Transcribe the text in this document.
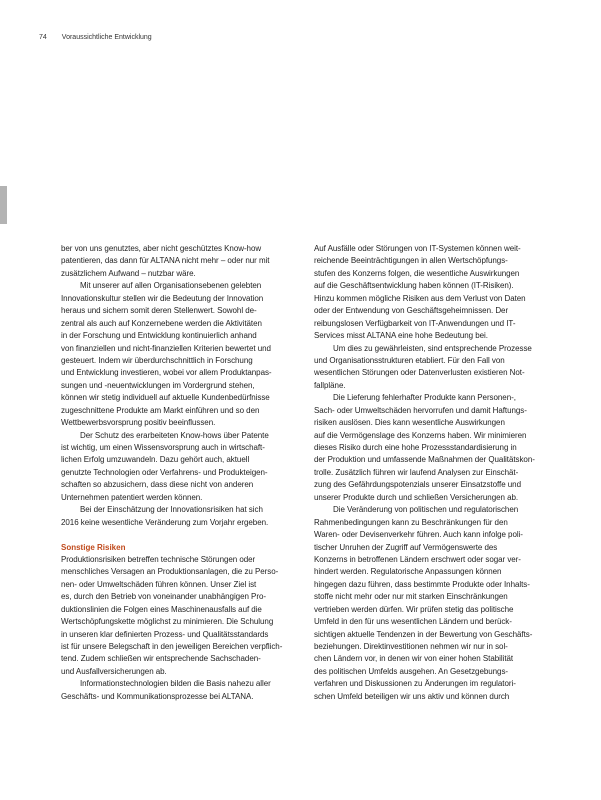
74 Voraussichtliche Entwicklung
ber von uns genutztes, aber nicht geschütztes Know-how
patentieren, das dann für ALTANA nicht mehr – oder nur mit
zusätzlichem Aufwand – nutzbar wäre.
Mit unserer auf allen Organisationsebenen gelebten
Innovationskultur stellen wir die Bedeutung der Innovation
heraus und sichern somit deren Stellenwert. Sowohl de-
zentral als auch auf Konzernebene werden die Aktivitäten
in der Forschung und Entwicklung kontinuierlich anhand
von finanziellen und nicht-finanziellen Kriterien bewertet und
gesteuert. Indem wir überdurchschnittlich in Forschung
und Entwicklung investieren, wobei vor allem Produktanpas-
sungen und -neuentwicklungen im Vordergrund stehen,
können wir stetig individuell auf aktuelle Kundenbedürfnisse
zugeschnittene Produkte am Markt einführen und so den
Wettbewerbsvorsprung positiv beeinflussen.
Der Schutz des erarbeiteten Know-hows über Patente
ist wichtig, um einen Wissensvorsprung auch in wirtschaft-
lichen Erfolg umzuwandeln. Dazu gehört auch, aktuell
genutzte Technologien oder Verfahrens- und Produkteigen-
schaften so abzusichern, dass diese nicht von anderen
Unternehmen patentiert werden können.
Bei der Einschätzung der Innovationsrisiken hat sich
2016 keine wesentliche Veränderung zum Vorjahr ergeben.
Sonstige Risiken
Produktionsrisiken betreffen technische Störungen oder
menschliches Versagen an Produktionsanlagen, die zu Perso-
nen- oder Umweltschäden führen können. Unser Ziel ist
es, durch den Betrieb von voneinander unabhängigen Pro-
duktionslinien die Folgen eines Maschinenausfalls auf die
Wertschöpfungskette möglichst zu minimieren. Die Schulung
in unseren klar definierten Prozess- und Qualitätsstandards
ist für unsere Belegschaft in den jeweiligen Bereichen verpflich-
tend. Zudem schließen wir entsprechende Sachschaden-
und Ausfallversicherungen ab.
Informationstechnologien bilden die Basis nahezu aller
Geschäfts- und Kommunikationsprozesse bei ALTANA.
Auf Ausfälle oder Störungen von IT-Systemen können weit-
reichende Beeinträchtigungen in allen Wertschöpfungs-
stufen des Konzerns folgen, die wesentliche Auswirkungen
auf die Geschäftsentwicklung haben können (IT-Risiken).
Hinzu kommen mögliche Risiken aus dem Verlust von Daten
oder der Entwendung von Geschäftsgeheimnissen. Der
reibungslosen Verfügbarkeit von IT-Anwendungen und IT-
Services misst ALTANA eine hohe Bedeutung bei.
Um dies zu gewährleisten, sind entsprechende Prozesse
und Organisationsstrukturen etabliert. Für den Fall von
wesentlichen Störungen oder Datenverlusten existieren Not-
fallpläne.
Die Lieferung fehlerhafter Produkte kann Personen-,
Sach- oder Umweltschäden hervorrufen und damit Haftungs-
risiken auslösen. Dies kann wesentliche Auswirkungen
auf die Vermögenslage des Konzerns haben. Wir minimieren
dieses Risiko durch eine hohe Prozessstandardisierung in
der Produktion und umfassende Maßnahmen der Qualitätskon-
trolle. Zusätzlich führen wir laufend Analysen zur Einschät-
zung des Gefährdungspotenzials unserer Einsatzstoffe und
unserer Produkte durch und schließen Versicherungen ab.
Die Veränderung von politischen und regulatorischen
Rahmenbedingungen kann zu Beschränkungen für den
Waren- oder Devisenverkehr führen. Auch kann infolge poli-
tischer Unruhen der Zugriff auf Vermögenswerte des
Konzerns in betroffenen Ländern erschwert oder sogar ver-
hindert werden. Regulatorische Anpassungen können
hingegen dazu führen, dass bestimmte Produkte oder Inhalts-
stoffe nicht mehr oder nur mit starken Einschränkungen
vertrieben werden dürfen. Wir prüfen stetig das politische
Umfeld in den für uns wesentlichen Ländern und berück-
sichtigen aktuelle Tendenzen in der Bewertung von Geschäfts-
beziehungen. Direktinvestitionen nehmen wir nur in sol-
chen Ländern vor, in denen wir von einer hohen Stabilität
des politischen Umfelds ausgehen. An Gesetzgebungs-
verfahren und Diskussionen zu Änderungen im regulatori-
schen Umfeld beteiligen wir uns aktiv und können durch
